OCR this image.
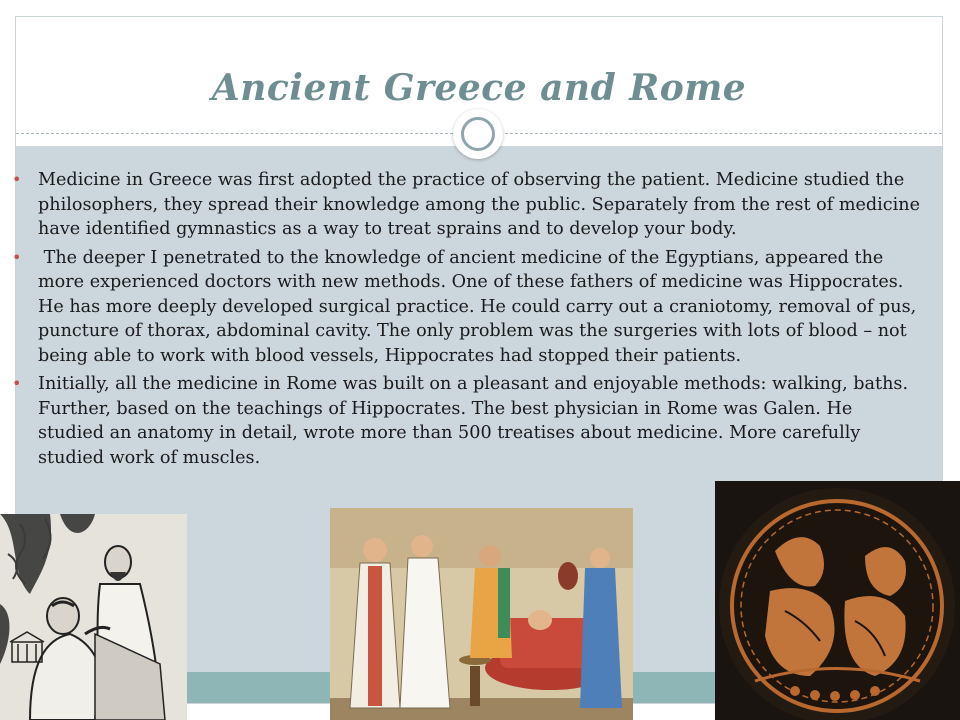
Ancient Greece and Rome
• Medicine in Greece was first adopted the practice of observing the patient. Medicine studied the philosophers, they spread their knowledge among the public. Separately from the rest of medicine have identified gymnastics as a way to treat sprains and to develop your body.
• The deeper I penetrated to the knowledge of ancient medicine of the Egyptians, appeared the more experienced doctors with new methods. One of these fathers of medicine was Hippocrates. He has more deeply developed surgical practice. He could carry out a craniotomy, removal of pus, puncture of thorax, abdominal cavity. The only problem was the surgeries with lots of blood – not being able to work with blood vessels, Hippocrates had stopped their patients.
• Initially, all the medicine in Rome was built on a pleasant and enjoyable methods: walking, baths. Further, based on the teachings of Hippocrates. The best physician in Rome was Galen. He studied an anatomy in detail, wrote more than 500 treatises about medicine. More carefully studied work of muscles.
